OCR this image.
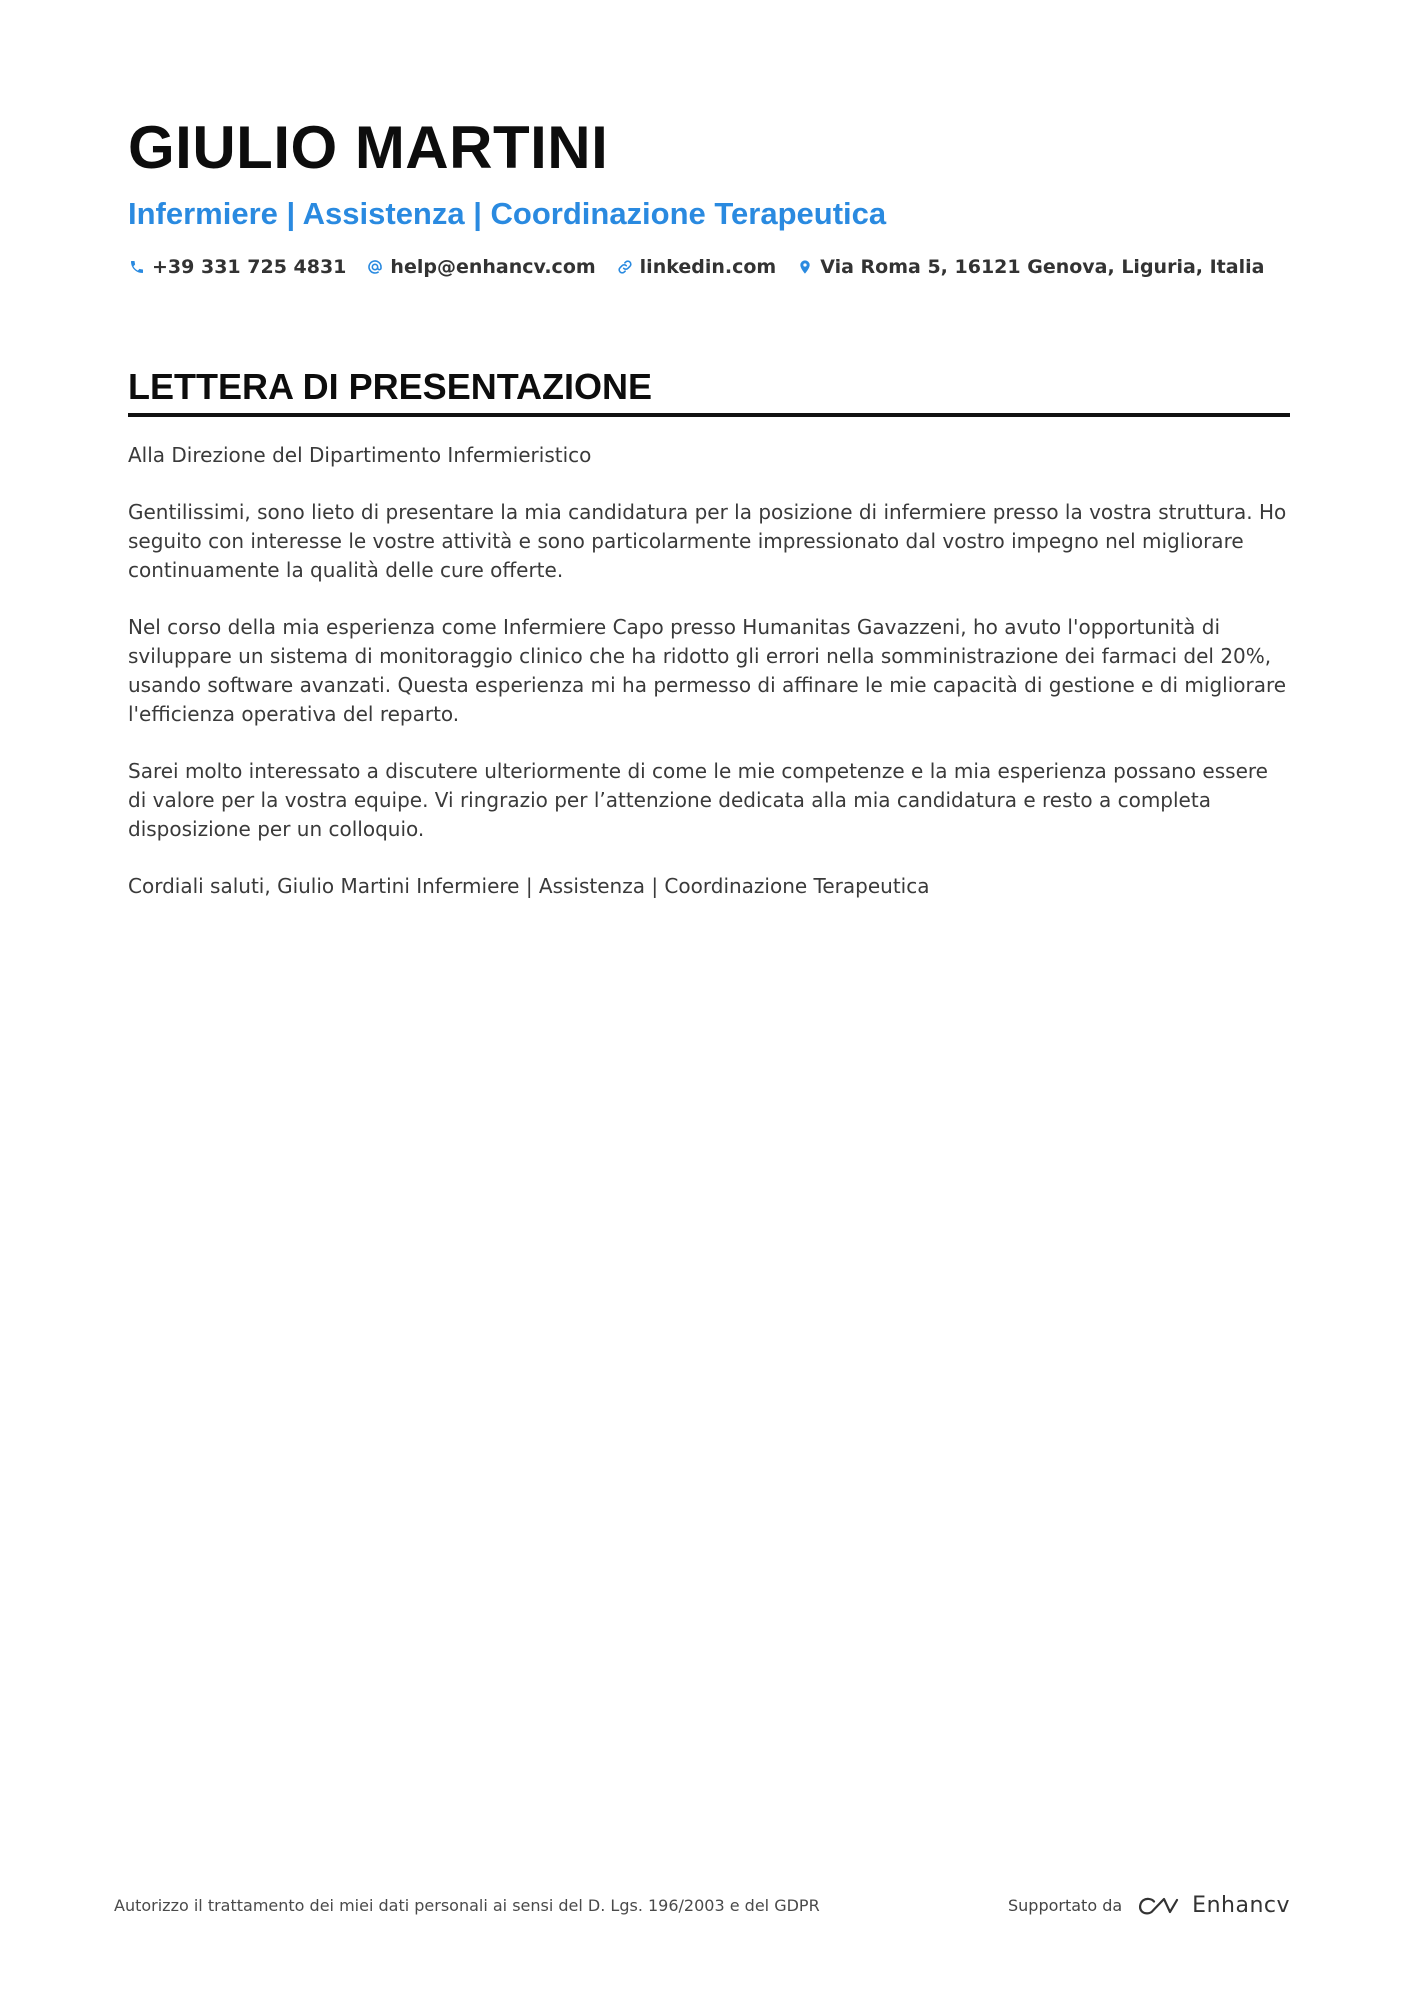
GIULIO MARTINI
Infermiere | Assistenza | Coordinazione Terapeutica
+39 331 725 4831 help@enhancv.com linkedin.com Via Roma 5, 16121 Genova, Liguria, Italia
LETTERA DI PRESENTAZIONE

Alla Direzione del Dipartimento Infermieristico

Gentilissimi, sono lieto di presentare la mia candidatura per la posizione di infermiere presso la vostra struttura. Ho seguito con interesse le vostre attività e sono particolarmente impressionato dal vostro impegno nel migliorare continuamente la qualità delle cure offerte.

Nel corso della mia esperienza come Infermiere Capo presso Humanitas Gavazzeni, ho avuto l'opportunità di sviluppare un sistema di monitoraggio clinico che ha ridotto gli errori nella somministrazione dei farmaci del 20%, usando software avanzati. Questa esperienza mi ha permesso di affinare le mie capacità di gestione e di migliorare l'efficienza operativa del reparto.

Sarei molto interessato a discutere ulteriormente di come le mie competenze e la mia esperienza possano essere di valore per la vostra equipe. Vi ringrazio per l’attenzione dedicata alla mia candidatura e resto a completa disposizione per un colloquio.

Cordiali saluti, Giulio Martini Infermiere | Assistenza | Coordinazione Terapeutica

Autorizzo il trattamento dei miei dati personali ai sensi del D. Lgs. 196/2003 e del GDPR	Supportato da	Enhancv
